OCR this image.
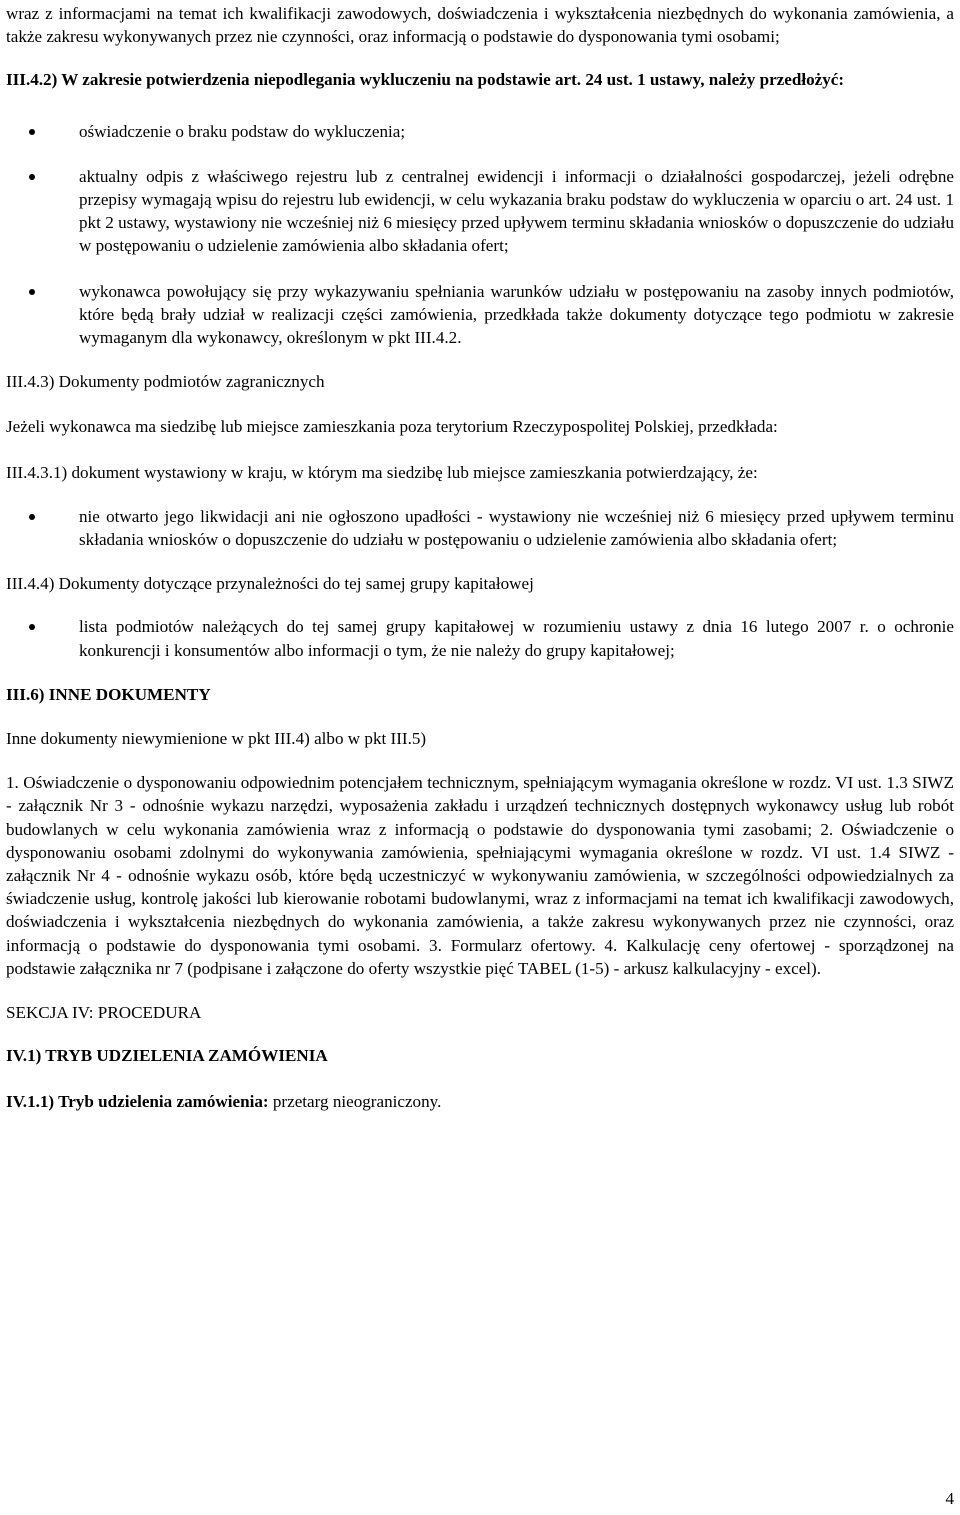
wraz z informacjami na temat ich kwalifikacji zawodowych, doświadczenia i wykształcenia niezbędnych do wykonania zamówienia, a także zakresu wykonywanych przez nie czynności, oraz informacją o podstawie do dysponowania tymi osobami;

III.4.2) W zakresie potwierdzenia niepodlegania wykluczeniu na podstawie art. 24 ust. 1 ustawy, należy przedłożyć:

oświadczenie o braku podstaw do wykluczenia;
aktualny odpis z właściwego rejestru lub z centralnej ewidencji i informacji o działalności gospodarczej, jeżeli odrębne przepisy wymagają wpisu do rejestru lub ewidencji, w celu wykazania braku podstaw do wykluczenia w oparciu o art. 24 ust. 1 pkt 2 ustawy, wystawiony nie wcześniej niż 6 miesięcy przed upływem terminu składania wniosków o dopuszczenie do udziału w postępowaniu o udzielenie zamówienia albo składania ofert;
wykonawca powołujący się przy wykazywaniu spełniania warunków udziału w postępowaniu na zasoby innych podmiotów, które będą brały udział w realizacji części zamówienia, przedkłada także dokumenty dotyczące tego podmiotu w zakresie wymaganym dla wykonawcy, określonym w pkt III.4.2.

III.4.3) Dokumenty podmiotów zagranicznych

Jeżeli wykonawca ma siedzibę lub miejsce zamieszkania poza terytorium Rzeczypospolitej Polskiej, przedkłada:

III.4.3.1) dokument wystawiony w kraju, w którym ma siedzibę lub miejsce zamieszkania potwierdzający, że:

nie otwarto jego likwidacji ani nie ogłoszono upadłości - wystawiony nie wcześniej niż 6 miesięcy przed upływem terminu składania wniosków o dopuszczenie do udziału w postępowaniu o udzielenie zamówienia albo składania ofert;

III.4.4) Dokumenty dotyczące przynależności do tej samej grupy kapitałowej

lista podmiotów należących do tej samej grupy kapitałowej w rozumieniu ustawy z dnia 16 lutego 2007 r. o ochronie konkurencji i konsumentów albo informacji o tym, że nie należy do grupy kapitałowej;

III.6) INNE DOKUMENTY

Inne dokumenty niewymienione w pkt III.4) albo w pkt III.5)

1. Oświadczenie o dysponowaniu odpowiednim potencjałem technicznym, spełniającym wymagania określone w rozdz. VI ust. 1.3 SIWZ - załącznik Nr 3 - odnośnie wykazu narzędzi, wyposażenia zakładu i urządzeń technicznych dostępnych wykonawcy usług lub robót budowlanych w celu wykonania zamówienia wraz z informacją o podstawie do dysponowania tymi zasobami; 2. Oświadczenie o dysponowaniu osobami zdolnymi do wykonywania zamówienia, spełniającymi wymagania określone w rozdz. VI ust. 1.4 SIWZ - załącznik Nr 4 - odnośnie wykazu osób, które będą uczestniczyć w wykonywaniu zamówienia, w szczególności odpowiedzialnych za świadczenie usług, kontrolę jakości lub kierowanie robotami budowlanymi, wraz z informacjami na temat ich kwalifikacji zawodowych, doświadczenia i wykształcenia niezbędnych do wykonania zamówienia, a także zakresu wykonywanych przez nie czynności, oraz informacją o podstawie do dysponowania tymi osobami. 3. Formularz ofertowy. 4. Kalkulację ceny ofertowej - sporządzonej na podstawie załącznika nr 7 (podpisane i załączone do oferty wszystkie pięć TABEL (1-5) - arkusz kalkulacyjny - excel).

SEKCJA IV: PROCEDURA

IV.1) TRYB UDZIELENIA ZAMÓWIENIA

IV.1.1) Tryb udzielenia zamówienia: przetarg nieograniczony.

4
